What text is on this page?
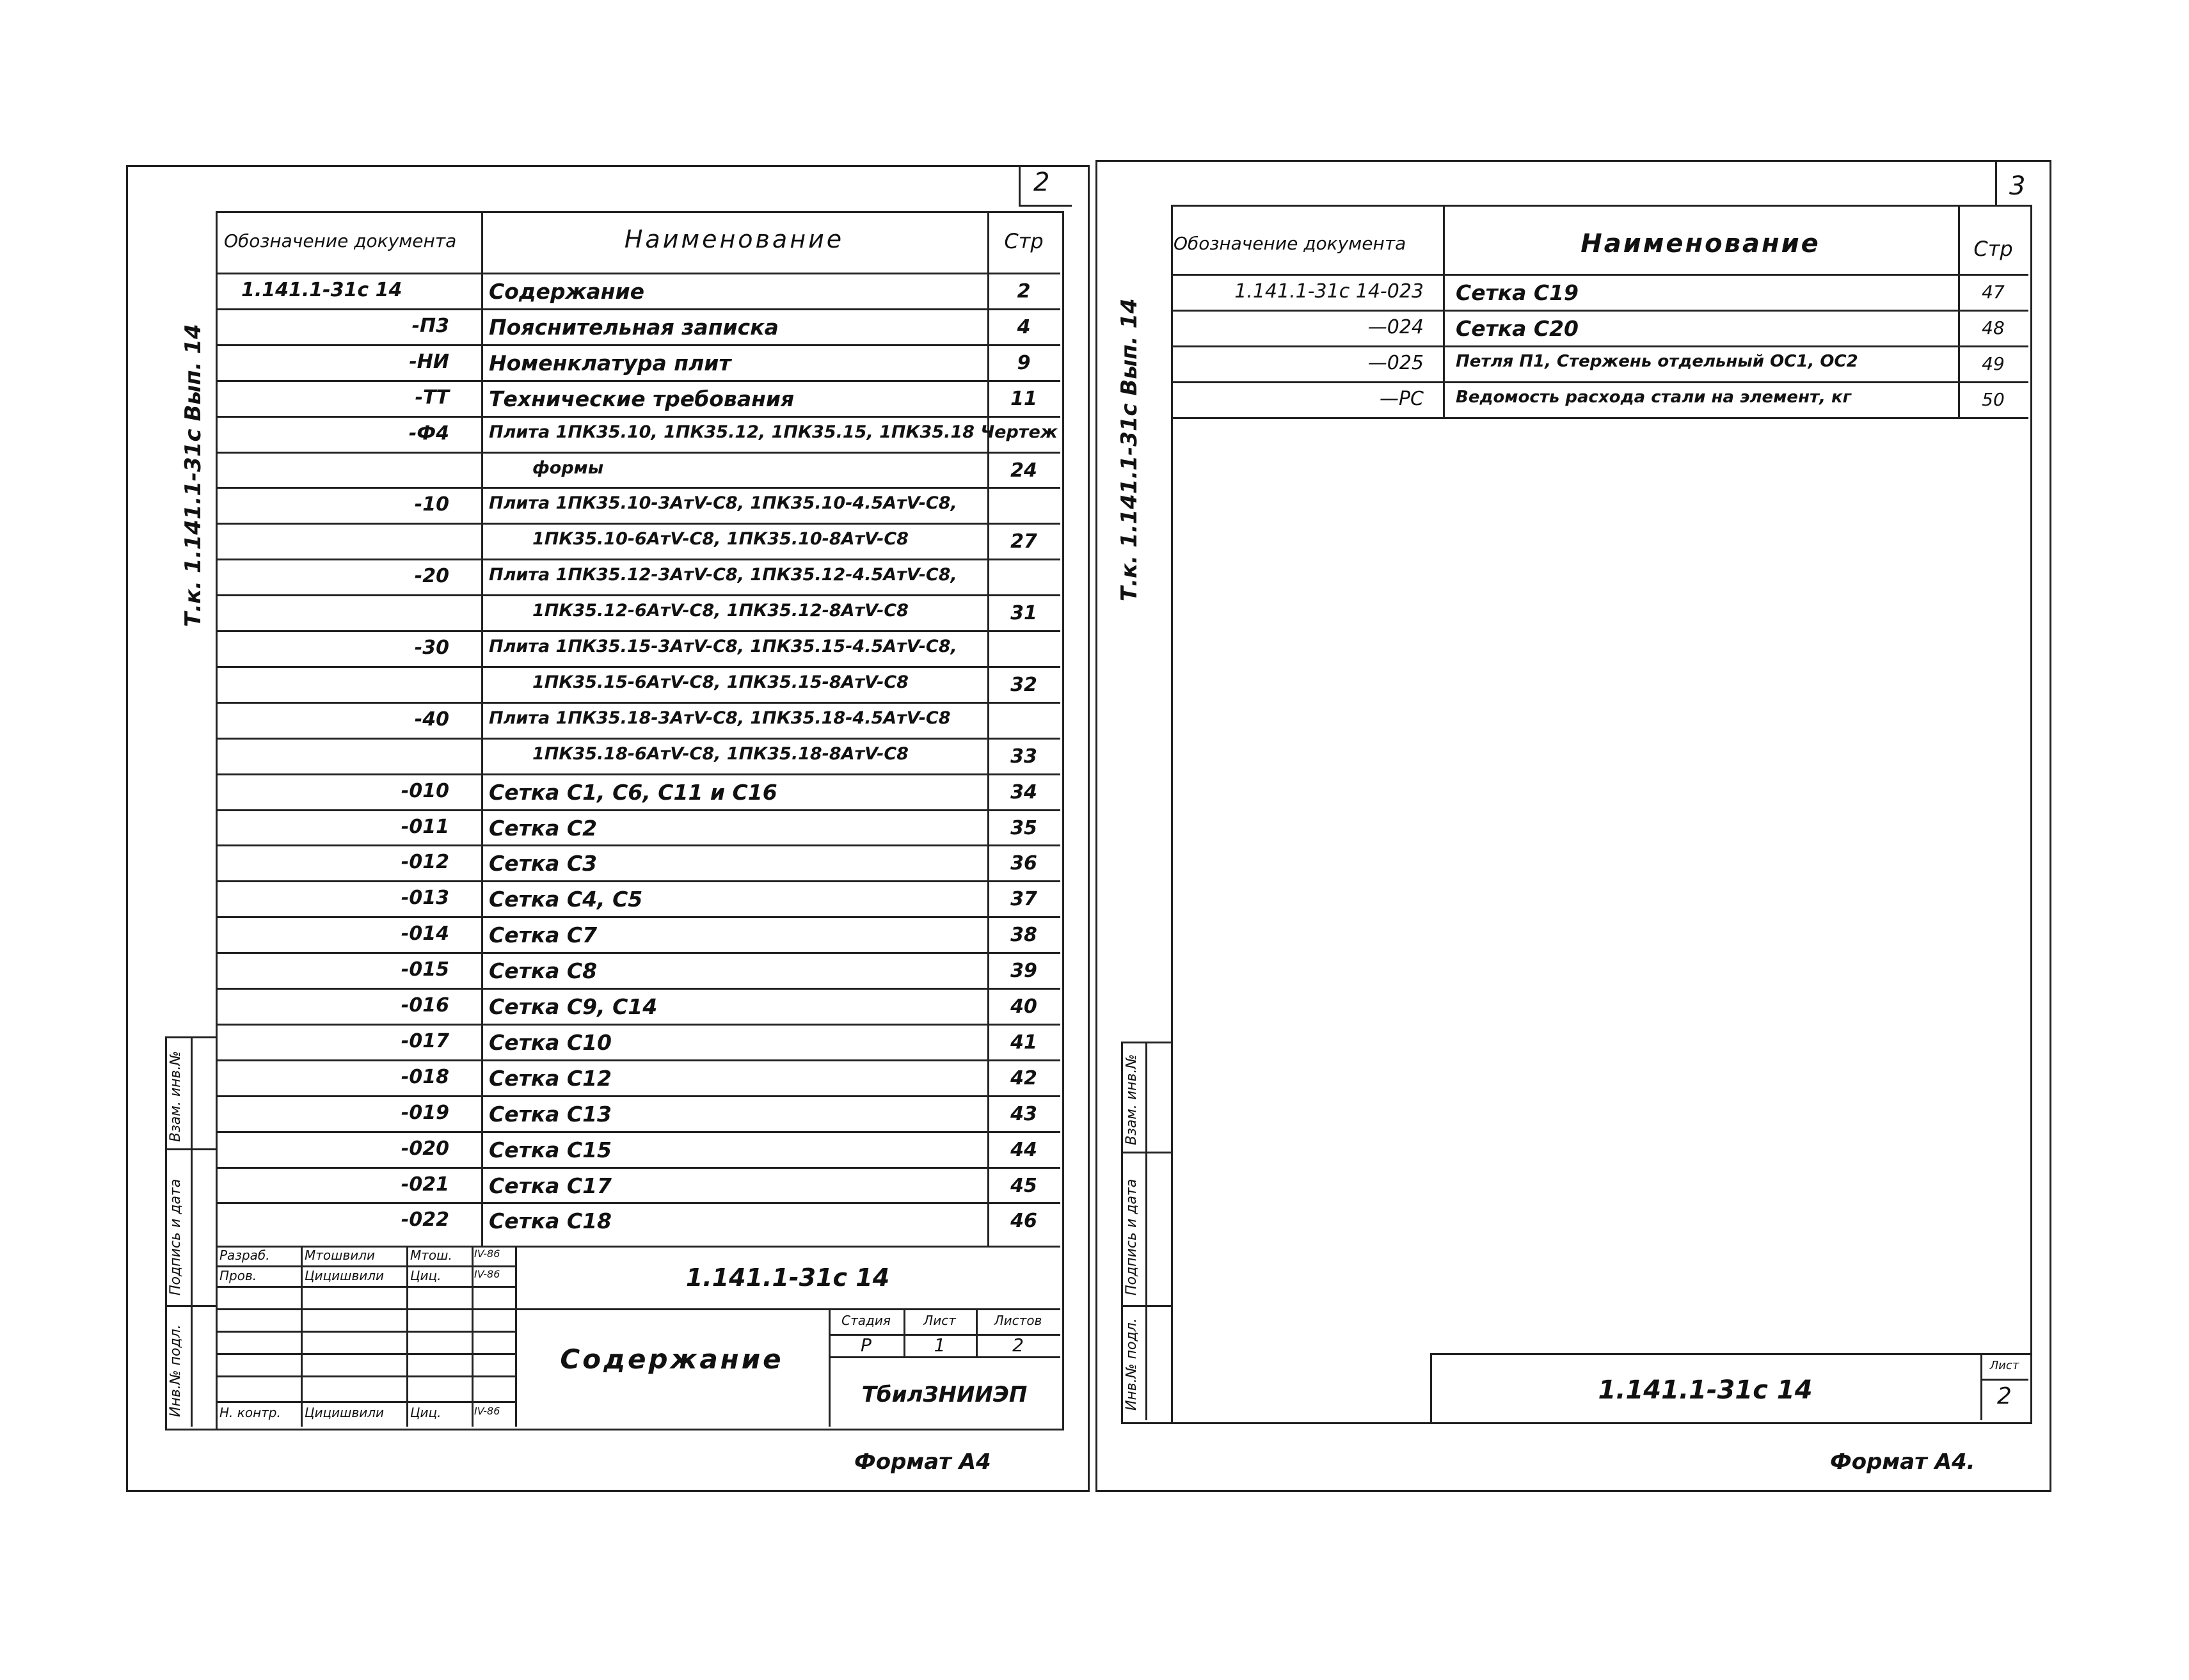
2
Т.к. 1.141.1-31с Вып. 14
Обозначение документа	Наименование	Стр
1.141.1-31с 14	Содержание	2
-П3 Пояснительная записка	4
-НИ Номенклатура плит	9
-ТТ Технические требования	11
-Ф4 Плита 1ПК35.10, 1ПК35.12, 1ПК35.15, 1ПК35.18 Чертеж
формы	24
-10 Плита 1ПК35.10-3АтV-С8, 1ПК35.10-4.5АтV-С8,
1ПК35.10-6АтV-С8, 1ПК35.10-8АтV-С8	27
-20 Плита 1ПК35.12-3АтV-С8, 1ПК35.12-4.5АтV-С8,
1ПК35.12-6АтV-С8, 1ПК35.12-8АтV-С8	31
-30 Плита 1ПК35.15-3АтV-С8, 1ПК35.15-4.5АтV-С8,
1ПК35.15-6АтV-С8, 1ПК35.15-8АтV-С8	32
-40 Плита 1ПК35.18-3АтV-С8, 1ПК35.18-4.5АтV-С8
1ПК35.18-6АтV-С8, 1ПК35.18-8АтV-С8	33
-010 Сетка С1, С6, С11 и С16	34
-011 Сетка С2	35
-012 Сетка С3	36
-013 Сетка С4, С5	37
-014 Сетка С7	38
-015 Сетка С8	39
-016 Сетка С9, С14	40
-017 Сетка С10	41
-018 Сетка С12	42
-019 Сетка С13	43
-020 Сетка С15	44
-021 Сетка С17	45
-022 Сетка С18	46
Инв.№ подл.
Подпись и дата
Взам. инв.№
Разраб.	Мтошвили	Мтош. IV-86
Пров.	Цицишвили Циц.	IV-86
Н. контр. Цицишвили Циц.	IV-86
1.141.1-31с 14
Содержание
Стадия	Лист	Листов
Р	1	2
ТбилЗНИИЭП
Формат А4
3
Т.к. 1.141.1-31с Вып. 14
Обозначение документа	Наименование	Стр
1.141.1-31с 14-023 Сетка С19	47
—024 Сетка С20	48
—025 Петля П1, Стержень отдельный ОС1, ОС2	49
—РС Ведомость расхода стали на элемент, кг	50
Инв.№ подл.
Подпись и дата
Взам. инв.№
1.141.1-31с 14
Лист
2
Формат А4.
